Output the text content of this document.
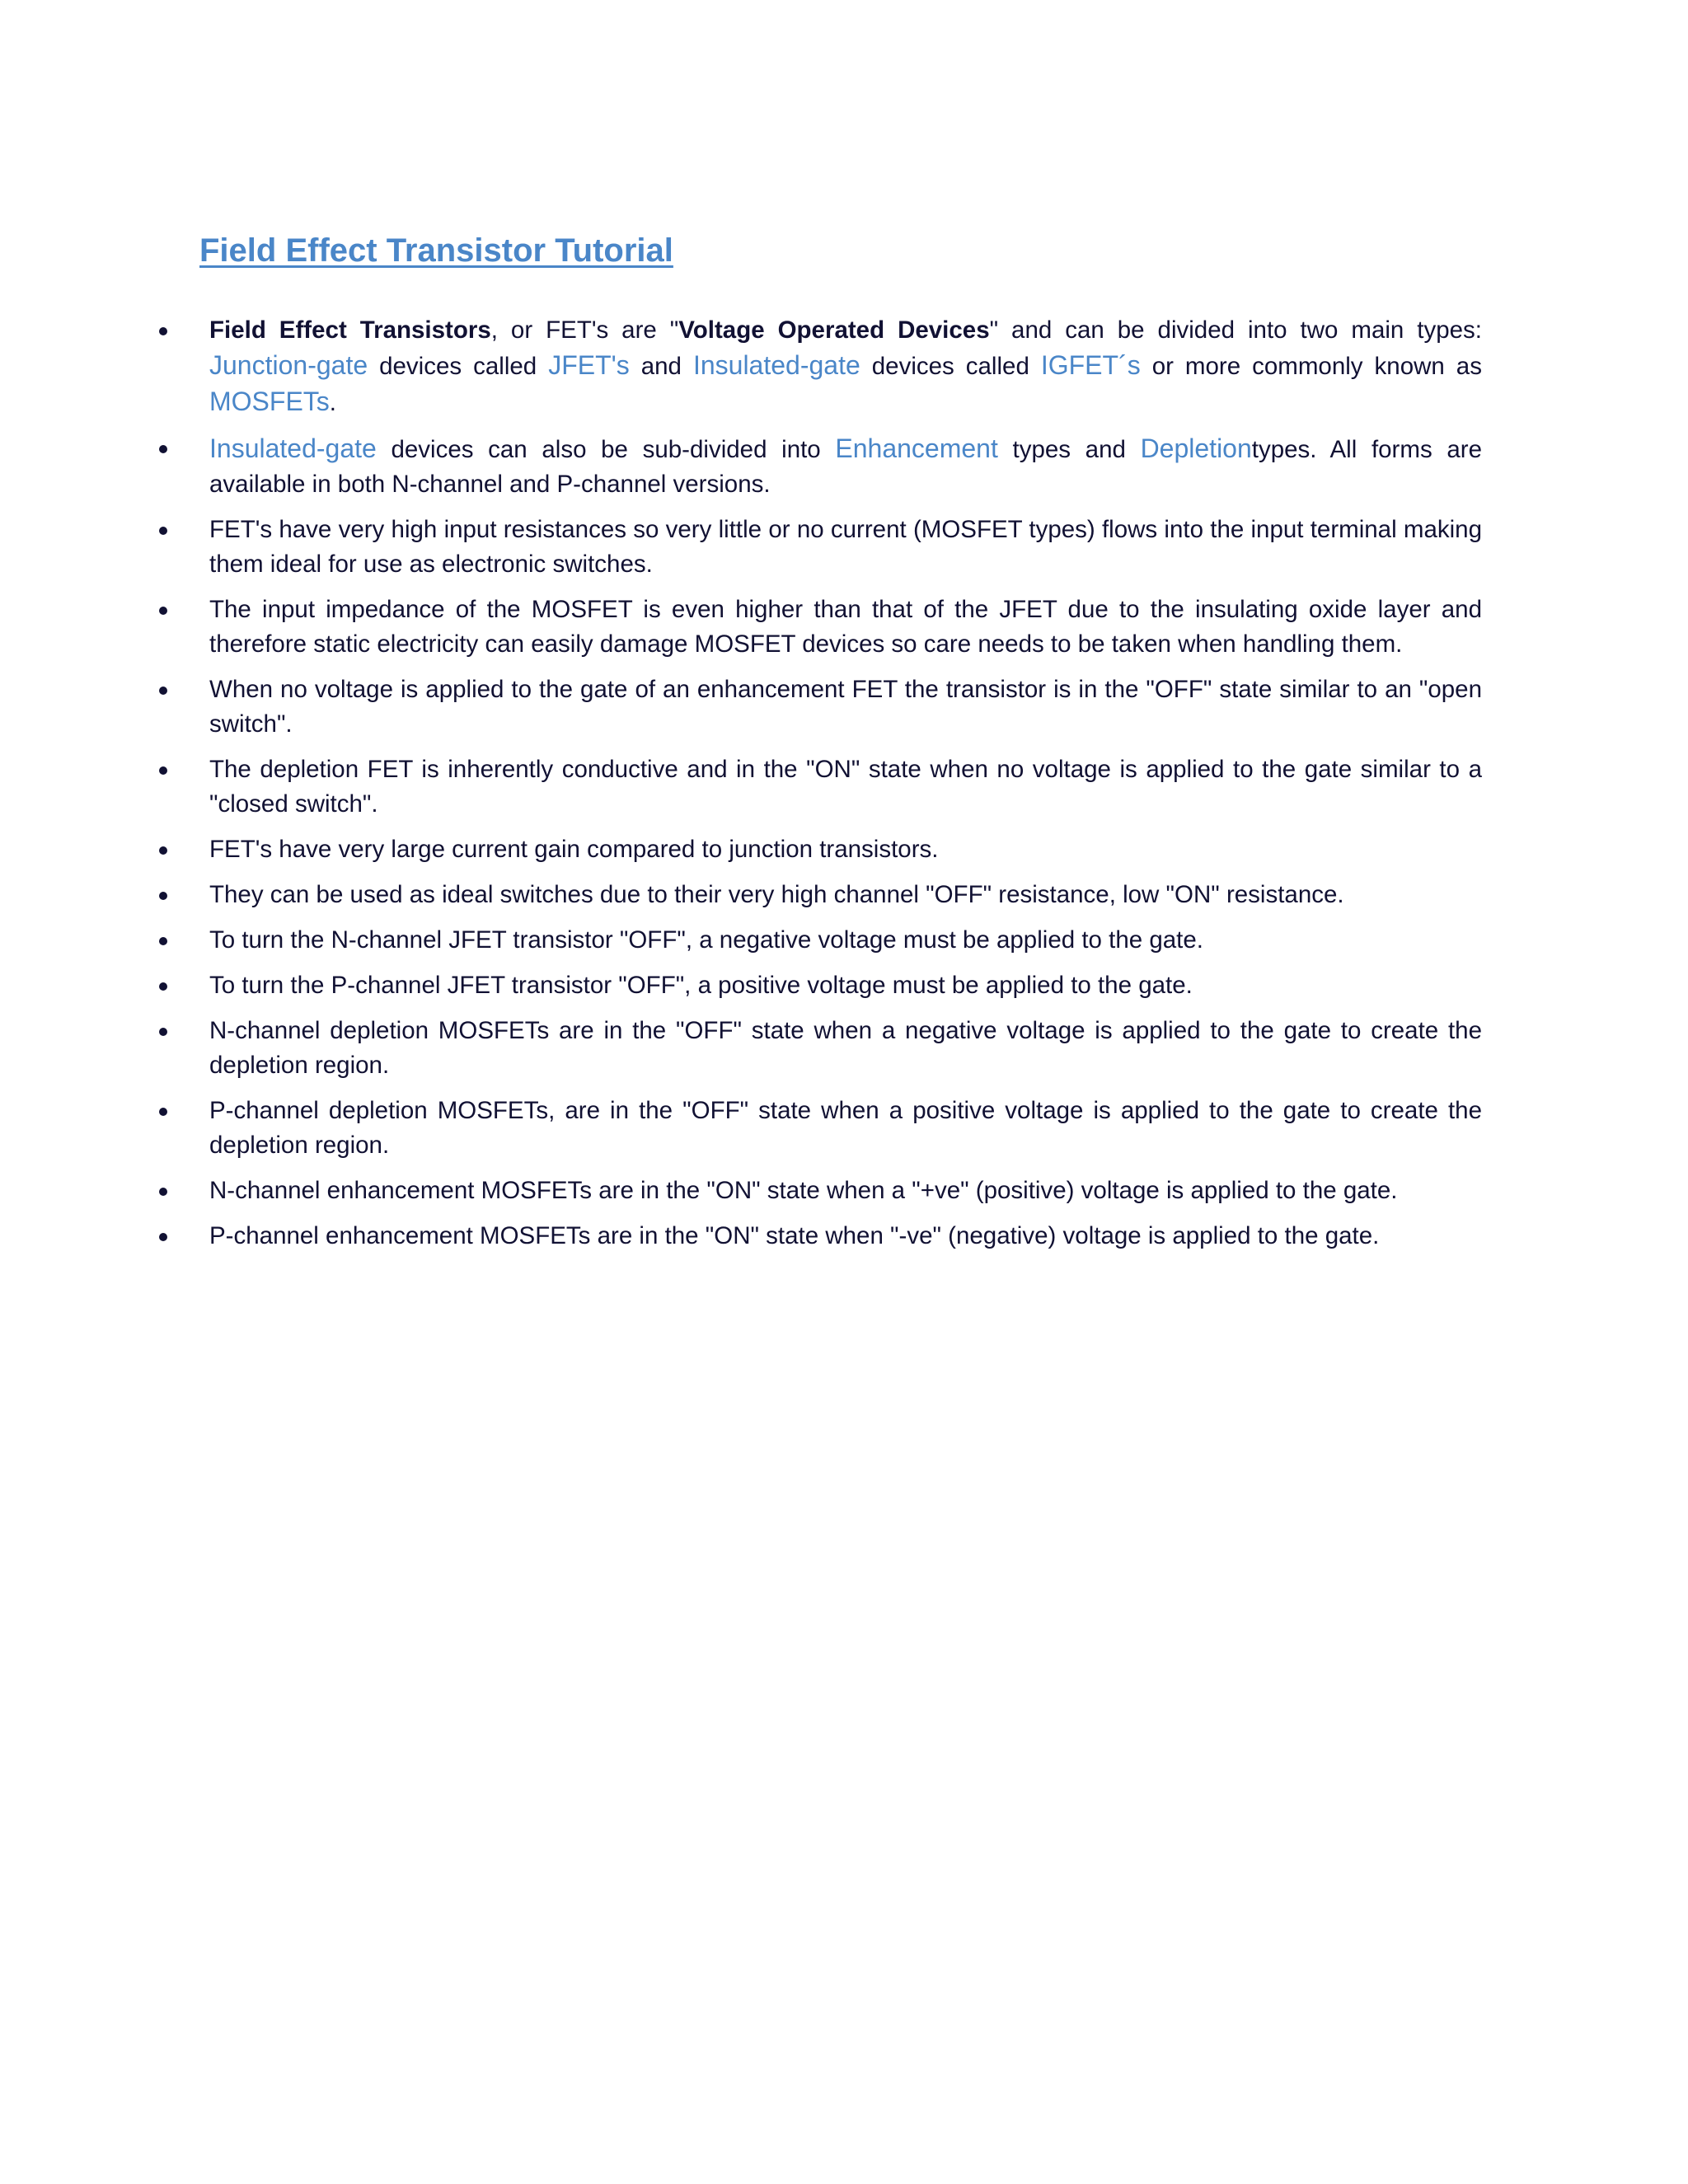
Field Effect Transistor Tutorial
Field Effect Transistors, or FET's are "Voltage Operated Devices" and can be divided into two main types: Junction-gate devices called JFET's and Insulated-gate devices called IGFET´s or more commonly known as MOSFETs.
Insulated-gate devices can also be sub-divided into Enhancement types and Depletiontypes. All forms are available in both N-channel and P-channel versions.
FET's have very high input resistances so very little or no current (MOSFET types) flows into the input terminal making them ideal for use as electronic switches.
The input impedance of the MOSFET is even higher than that of the JFET due to the insulating oxide layer and therefore static electricity can easily damage MOSFET devices so care needs to be taken when handling them.
When no voltage is applied to the gate of an enhancement FET the transistor is in the "OFF" state similar to an "open switch".
The depletion FET is inherently conductive and in the "ON" state when no voltage is applied to the gate similar to a "closed switch".
FET's have very large current gain compared to junction transistors.
They can be used as ideal switches due to their very high channel "OFF" resistance, low "ON" resistance.
To turn the N-channel JFET transistor "OFF", a negative voltage must be applied to the gate.
To turn the P-channel JFET transistor "OFF", a positive voltage must be applied to the gate.
N-channel depletion MOSFETs are in the "OFF" state when a negative voltage is applied to the gate to create the depletion region.
P-channel depletion MOSFETs, are in the "OFF" state when a positive voltage is applied to the gate to create the depletion region.
N-channel enhancement MOSFETs are in the "ON" state when a "+ve" (positive) voltage is applied to the gate.
P-channel enhancement MOSFETs are in the "ON" state when "-ve" (negative) voltage is applied to the gate.
